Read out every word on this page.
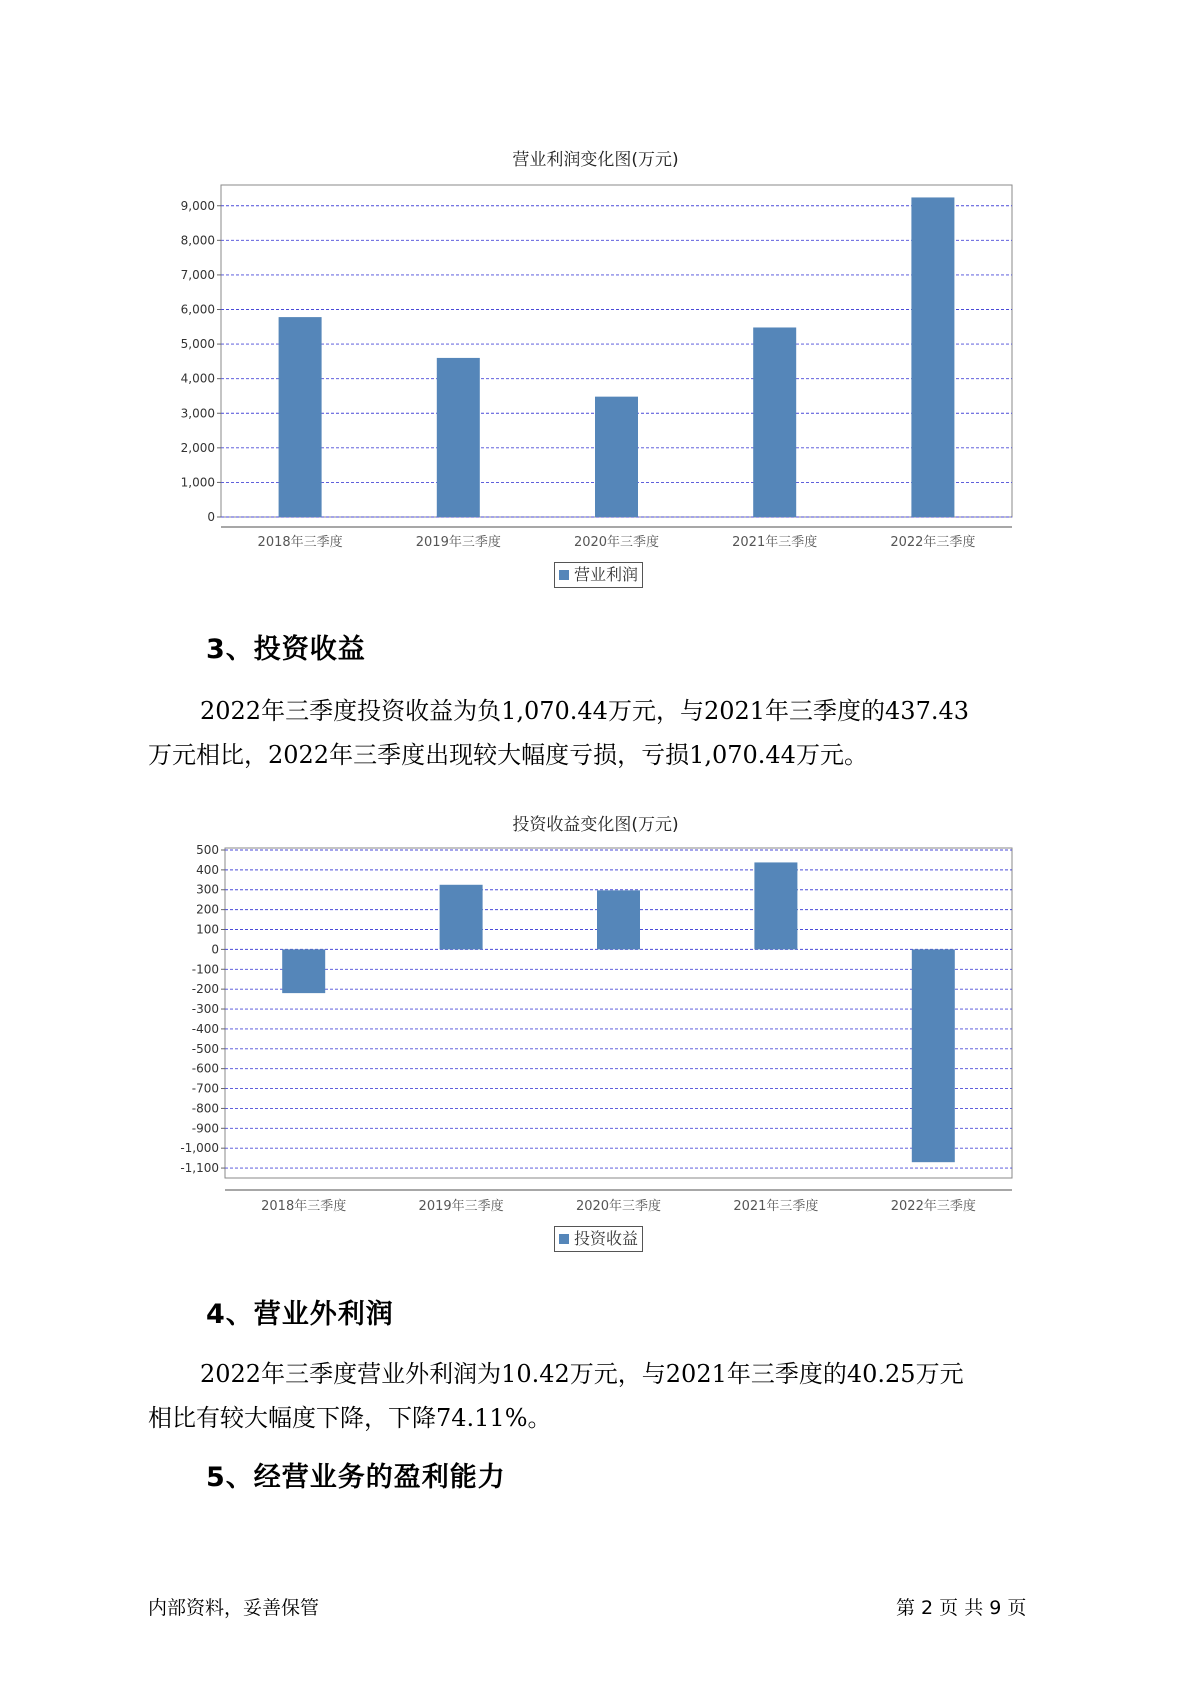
营业利润变化图(万元)
0
1,000
2,000
3,000
4,000
5,000
6,000
7,000
8,000
9,000
2018年三季度	2019年三季度	2020年三季度	2021年三季度	2022年三季度
营业利润
3、投资收益
2022年三季度投资收益为负1,070.44万元，与2021年三季度的437.43
万元相比，2022年三季度出现较大幅度亏损，亏损1,070.44万元。
投资收益变化图(万元)
500
400
300
200
100
0
-100
-200
-300
-400
-500
-600
-700
-800
-900
-1,000
-1,100
2018年三季度	2019年三季度	2020年三季度	2021年三季度	2022年三季度
投资收益
4、营业外利润
2022年三季度营业外利润为10.42万元，与2021年三季度的40.25万元
相比有较大幅度下降，下降74.11%。
5、经营业务的盈利能力
内部资料，妥善保管	第 2 页 共 9 页
